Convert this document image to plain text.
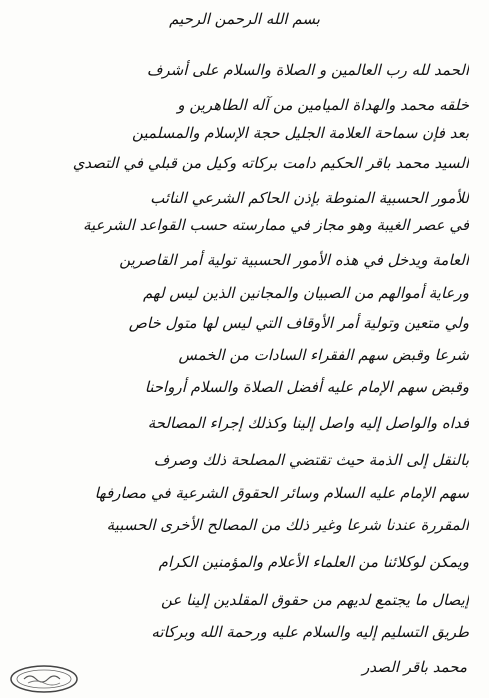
بسم الله الرحمن الرحيم
الحمد لله رب العالمين و الصلاة والسلام على أشرف
خلقه محمد والهداة الميامين من آله الطاهرين و
بعد فإن سماحة العلامة الجليل حجة الإسلام والمسلمين
السيد محمد باقر الحكيم دامت بركاته وكيل من قبلي في التصدي
للأمور الحسبية المنوطة بإذن الحاكم الشرعي النائب
في عصر الغيبة وهو مجاز في ممارسته حسب القواعد الشرعية
العامة ويدخل في هذه الأمور الحسبية تولية أمر القاصرين
ورعاية أموالهم من الصبيان والمجانين الذين ليس لهم
ولي متعين وتولية أمر الأوقاف التي ليس لها متول خاص
شرعا وقبض سهم الفقراء السادات من الخمس
وقبض سهم الإمام عليه أفضل الصلاة والسلام أرواحنا
فداه والواصل إليه واصل إلينا وكذلك إجراء المصالحة
بالنقل إلى الذمة حيث تقتضي المصلحة ذلك وصرف
سهم الإمام عليه السلام وسائر الحقوق الشرعية في مصارفها
المقررة عندنا شرعا وغير ذلك من المصالح الأخرى الحسبية
ويمكن لوكلائنا من العلماء الأعلام والمؤمنين الكرام
إيصال ما يجتمع لديهم من حقوق المقلدين إلينا عن
طريق التسليم إليه والسلام عليه ورحمة الله وبركاته
محمد باقر الصدر
